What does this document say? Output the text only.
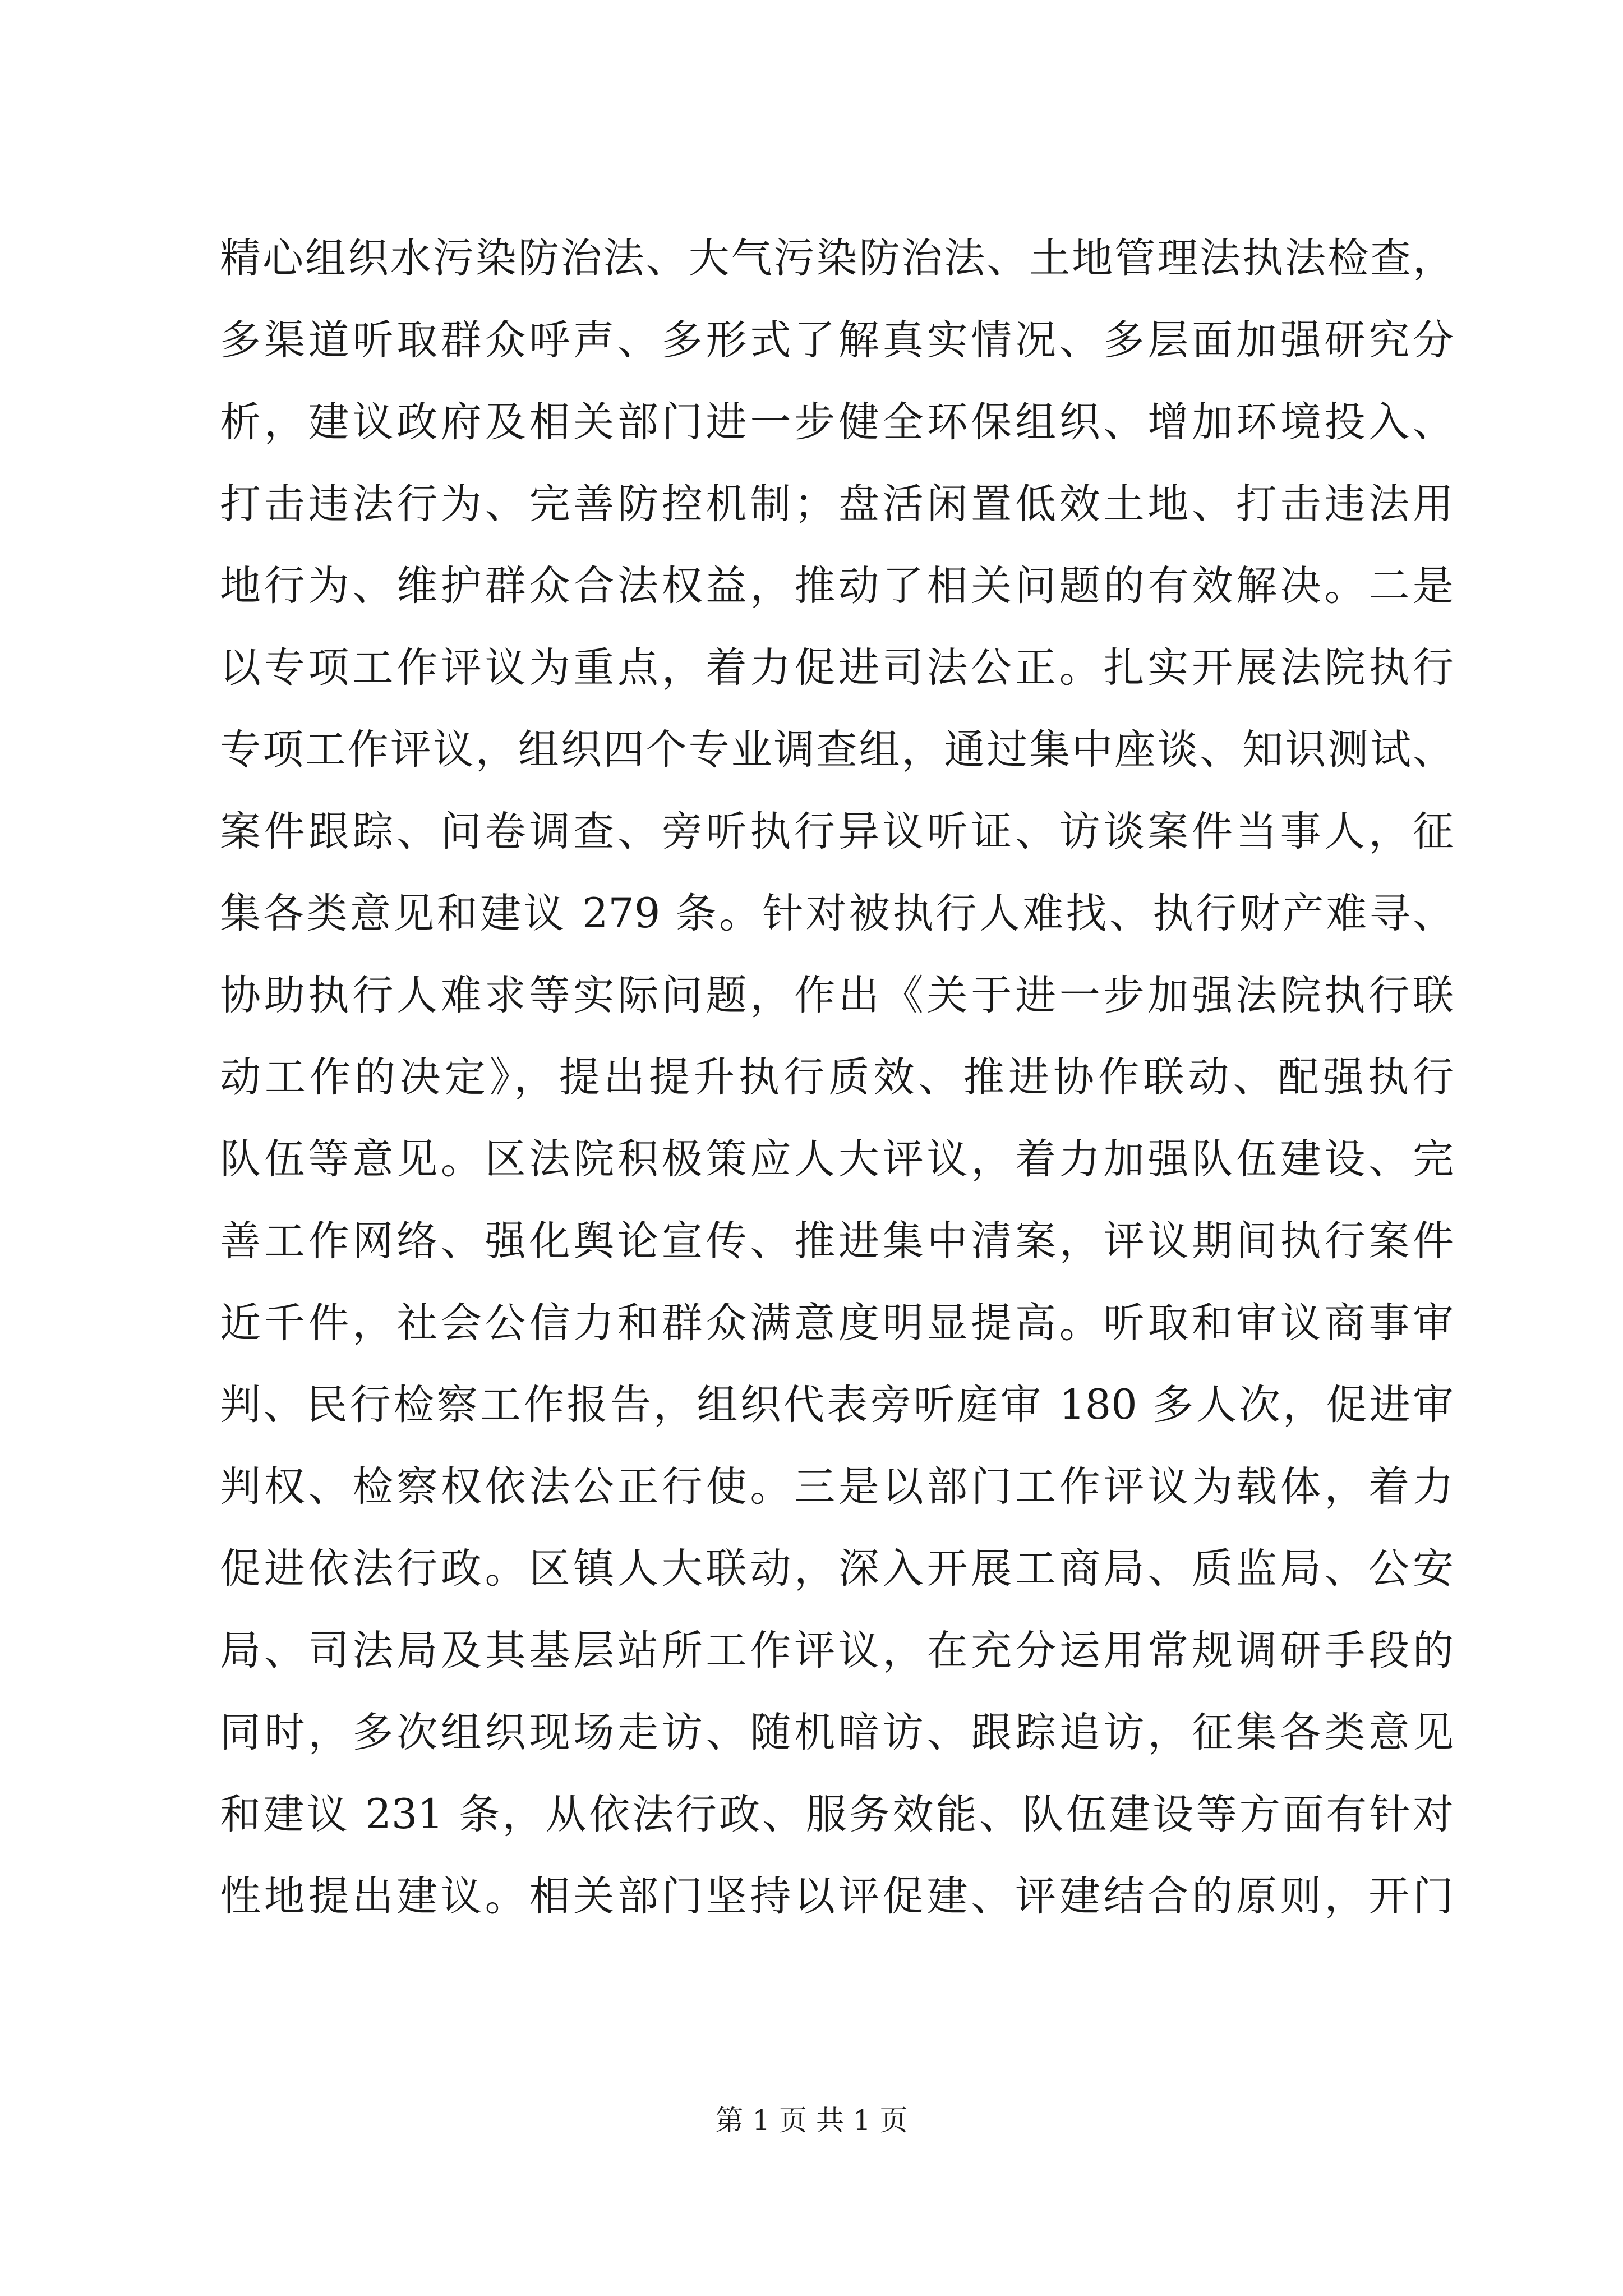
精心组织水污染防治法、大气污染防治法、土地管理法执法检查，
多渠道听取群众呼声、多形式了解真实情况、多层面加强研究分
析，建议政府及相关部门进一步健全环保组织、增加环境投入、
打击违法行为、完善防控机制；盘活闲置低效土地、打击违法用
地行为、维护群众合法权益，推动了相关问题的有效解决。二是
以专项工作评议为重点，着力促进司法公正。扎实开展法院执行
专项工作评议，组织四个专业调查组，通过集中座谈、知识测试、
案件跟踪、问卷调查、旁听执行异议听证、访谈案件当事人，征
集各类意见和建议 279 条。针对被执行人难找、执行财产难寻、
协助执行人难求等实际问题，作出《关于进一步加强法院执行联
动工作的决定》，提出提升执行质效、推进协作联动、配强执行
队伍等意见。区法院积极策应人大评议，着力加强队伍建设、完
善工作网络、强化舆论宣传、推进集中清案，评议期间执行案件
近千件，社会公信力和群众满意度明显提高。听取和审议商事审
判、民行检察工作报告，组织代表旁听庭审 180 多人次，促进审
判权、检察权依法公正行使。三是以部门工作评议为载体，着力
促进依法行政。区镇人大联动，深入开展工商局、质监局、公安
局、司法局及其基层站所工作评议，在充分运用常规调研手段的
同时，多次组织现场走访、随机暗访、跟踪追访，征集各类意见
和建议 231 条，从依法行政、服务效能、队伍建设等方面有针对
性地提出建议。相关部门坚持以评促建、评建结合的原则，开门
第 1 页 共 1 页
